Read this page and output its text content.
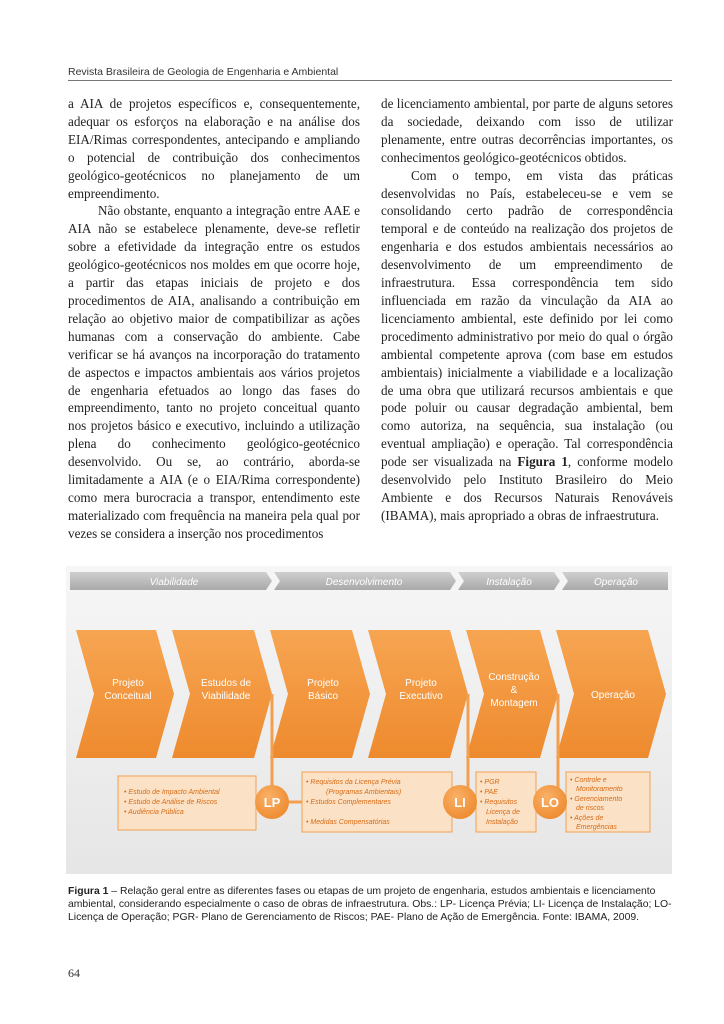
Revista Brasileira de Geologia de Engenharia e Ambiental

a AIA de projetos específicos e, consequentemente, adequar os esforços na elaboração e na análise dos EIA/Rimas correspondentes, antecipando e ampliando o potencial de contribuição dos conhecimentos geológico-geotécnicos no planejamento de um empreendimento.

Não obstante, enquanto a integração entre AAE e AIA não se estabelece plenamente, deve-se refletir sobre a efetividade da integração entre os estudos geológico-geotécnicos nos moldes em que ocorre hoje, a partir das etapas iniciais de projeto e dos procedimentos de AIA, analisando a contribuição em relação ao objetivo maior de compatibilizar as ações humanas com a conservação do ambiente. Cabe verificar se há avanços na incorporação do tratamento de aspectos e impactos ambientais aos vários projetos de engenharia efetuados ao longo das fases do empreendimento, tanto no projeto conceitual quanto nos projetos básico e executivo, incluindo a utilização plena do conhecimento geológico-geotécnico desenvolvido. Ou se, ao contrário, aborda-se limitadamente a AIA (e o EIA/Rima correspondente) como mera burocracia a transpor, entendimento este materializado com frequência na maneira pela qual por vezes se considera a inserção nos procedimentos

de licenciamento ambiental, por parte de alguns setores da sociedade, deixando com isso de utilizar plenamente, entre outras decorrências importantes, os conhecimentos geológico-geotécnicos obtidos.

Com o tempo, em vista das práticas desenvolvidas no País, estabeleceu-se e vem se consolidando certo padrão de correspondência temporal e de conteúdo na realização dos projetos de engenharia e dos estudos ambientais necessários ao desenvolvimento de um empreendimento de infraestrutura. Essa correspondência tem sido influenciada em razão da vinculação da AIA ao licenciamento ambiental, este definido por lei como procedimento administrativo por meio do qual o órgão ambiental competente aprova (com base em estudos ambientais) inicialmente a viabilidade e a localização de uma obra que utilizará recursos ambientais e que pode poluir ou causar degradação ambiental, bem como autoriza, na sequência, sua instalação (ou eventual ampliação) e operação. Tal correspondência pode ser visualizada na Figura 1, conforme modelo desenvolvido pelo Instituto Brasileiro do Meio Ambiente e dos Recursos Naturais Renováveis (IBAMA), mais apropriado a obras de infraestrutura.

Viabilidade	Desenvolvimento	Instalação	Operação
Projeto Conceitual
Estudos de Viabilidade
Projeto Básico
Projeto Executivo
Construção & Montagem
Operação
• Estudo de Impacto Ambiental • Estudo de Análise de Riscos • Audiência Pública
• Requisitos da Licença Prévia (Programas Ambientais) • Estudos Complementares • Medidas Compensatórias
• PGR • PAE • Requisitos Licença de Instalação
• Controle e Monitoramento • Gerenciamento de riscos • Ações de Emergências
LP	LI	LO
Figura 1 – Relação geral entre as diferentes fases ou etapas de um projeto de engenharia, estudos ambientais e licenciamento ambiental, considerando especialmente o caso de obras de infraestrutura. Obs.: LP- Licença Prévia; LI- Licença de Instalação; LO- Licença de Operação; PGR- Plano de Gerenciamento de Riscos; PAE- Plano de Ação de Emergência. Fonte: IBAMA, 2009.
64
